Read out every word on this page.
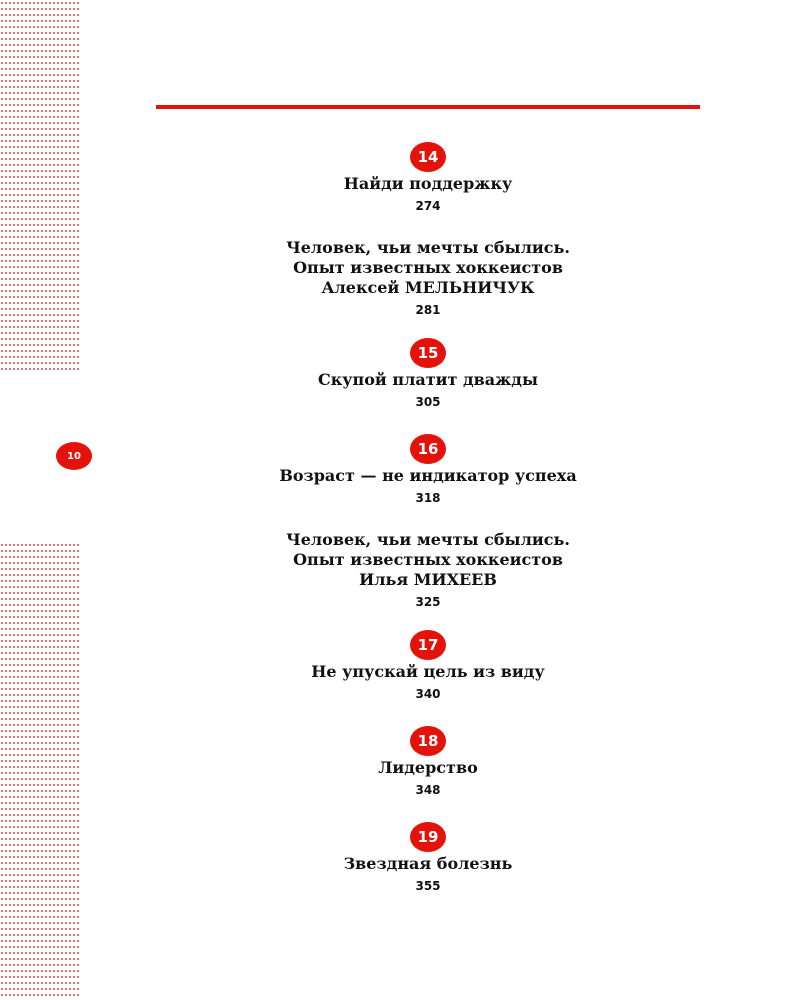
10
14
Найди поддержку
274
Человек, чьи мечты сбылись.
Опыт известных хоккеистов
Алексей МЕЛЬНИЧУК
281
15
Скупой платит дважды
305
16
Возраст — не индикатор успеха
318
Человек, чьи мечты сбылись.
Опыт известных хоккеистов
Илья МИХЕЕВ
325
17
Не упускай цель из виду
340
18
Лидерство
348
19
Звездная болезнь
355
